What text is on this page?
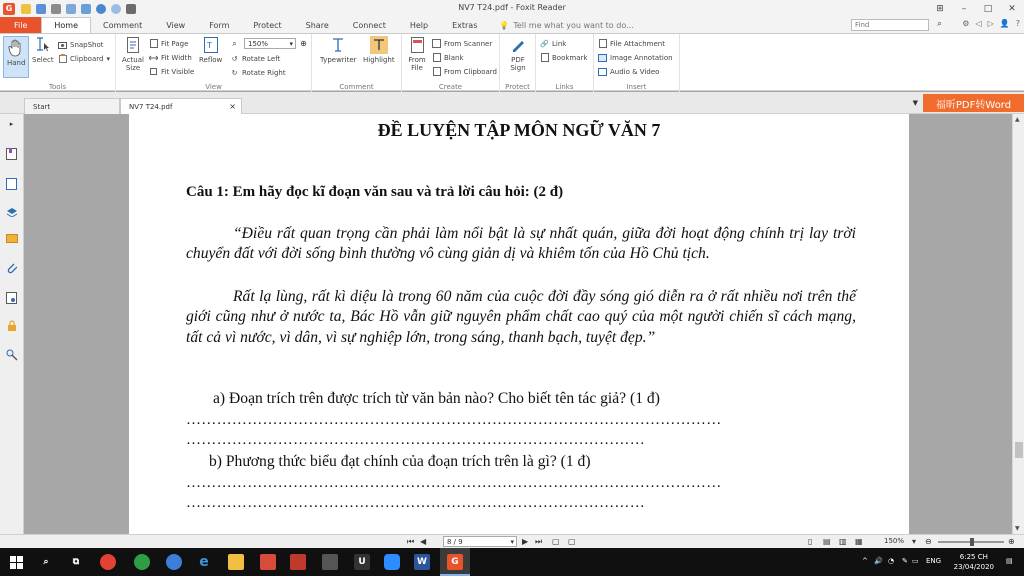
G	NV7 T24.pdf - Foxit Reader	⊞	–	□	✕
File	Home	Comment	View	Form	Protect	Share	Connect	Help	Extras	💡 Tell me what you want to do...
Find	⌕	⚙ ◁ ▷ 👤 ?
Hand Select
SnapShot
Clipboard ▾
Tools
Actual Size
Fit Page
Fit Width
Fit Visible
T
Reflow
⌕	150%	▾ ⊕
↺ Rotate Left
↻ Rotate Right
View
Typewriter Highlight
Comment
From File
From Scanner
Blank
From Clipboard
Create
PDF Sign
Protect
🔗 Link
Bookmark
Links
File Attachment
Image Annotation
Audio & Video
Insert
Start	NV7 T24.pdf	×	▼	福昕PDF转Word
▸	ĐỀ LUYỆN TẬP MÔN NGỮ VĂN 7
Câu 1: Em hãy đọc kĩ đoạn văn sau và trả lời câu hỏi: (2 đ)
“Điều rất quan trọng cần phải làm nổi bật là sự nhất quán, giữa đời hoạt động chính trị lay trời chuyển đất với đời sống bình thường vô cùng giản dị và khiêm tốn của Hồ Chủ tịch.
Rất lạ lùng, rất kì diệu là trong 60 năm của cuộc đời đầy sóng gió diễn ra ở rất nhiều nơi trên thế giới cũng như ở nước ta, Bác Hồ vẫn giữ nguyên phẩm chất cao quý của một người chiến sĩ cách mạng, tất cả vì nước, vì dân, vì sự nghiệp lớn, trong sáng, thanh bạch, tuyệt đẹp.”
a) Đoạn trích trên được trích từ văn bản nào? Cho biết tên tác giả? (1 đ)
……………………………………………………………………………………………
………………………………………………………………………………
b) Phương thức biểu đạt chính của đoạn trích trên là gì? (1 đ)
……………………………………………………………………………………………
………………………………………………………………………………
▲
▼
⏮ ◀	8 / 9	▾ ▶ ⏭ ▢ ▢	▯ ▤ ▥ ▦	150% ▾ ⊖	⊕
⌕	⧉	e	U	W	G	^ 🔊 ◔ ✎ ▭ ENG	6:25 CH
23/04/2020
▤
